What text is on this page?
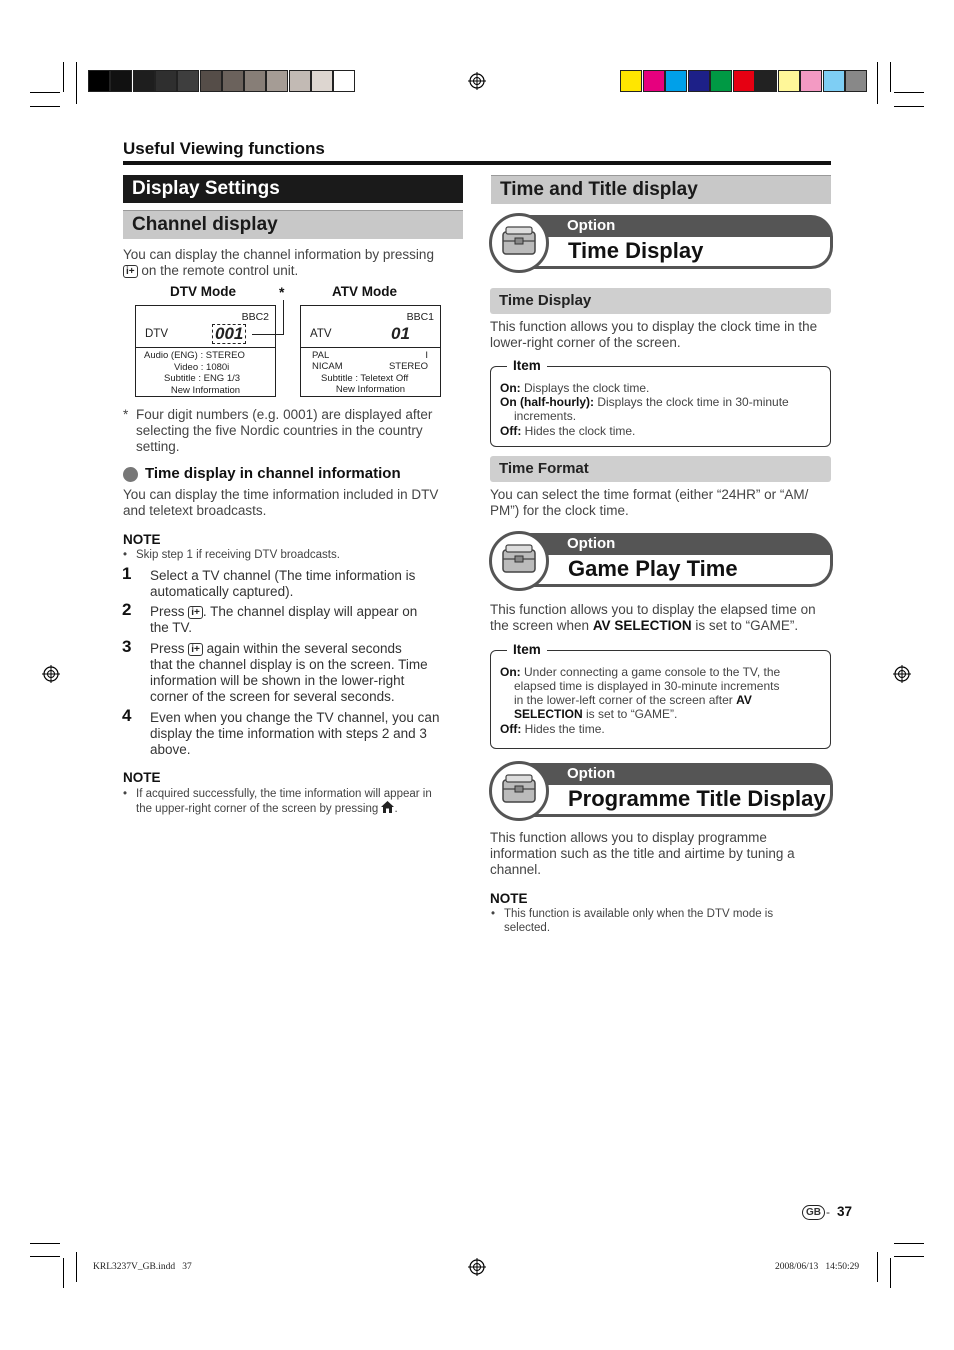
Useful Viewing functions
Display Settings
Channel display
You can display the channel information by pressing
i+ on the remote control unit.
DTV Mode	*	ATV Mode
BBC2
DTV	001
Audio (ENG) : STEREO
Video : 1080i
Subtitle : ENG 1/3
New Information
BBC1
ATV	01
PAL
NICAM
I
STEREO
Subtitle : Teletext Off
New Information
* Four digit numbers (e.g. 0001) are displayed after
selecting the five Nordic countries in the country
setting.
Time display in channel information
You can display the time information included in DTV
and teletext broadcasts.
NOTE
• Skip step 1 if receiving DTV broadcasts.
1 Select a TV channel (The time information is
automatically captured).
2 Press i+ . The channel display will appear on
the TV.
3 Press i+ again within the several seconds
that the channel display is on the screen. Time
information will be shown in the lower-right
corner of the screen for several seconds.
4 Even when you change the TV channel, you can
display the time information with steps 2 and 3
above.
NOTE
• If acquired successfully, the time information will appear in
the upper-right corner of the screen by pressing .
Time and Title display
Option
Time Display
Time Display
This function allows you to display the clock time in the
lower-right corner of the screen.
Item
On: Displays the clock time.
On (half-hourly): Displays the clock time in 30-minute
increments.
Off: Hides the clock time.
Time Format
You can select the time format (either “24HR” or “AM/
PM”) for the clock time.
Option
Game Play Time
This function allows you to display the elapsed time on
the screen when AV SELECTION is set to “GAME”.
Item
On: Under connecting a game console to the TV, the
elapsed time is displayed in 30-minute increments
in the lower-left corner of the screen after AV
SELECTION is set to “GAME”.
Off: Hides the time.
Option
Programme Title Display
This function allows you to display programme
information such as the title and airtime by tuning a
channel.
NOTE
• This function is available only when the DTV mode is
selected.
GB - 37
KRL3237V_GB.indd   37	2008/06/13   14:50:29
